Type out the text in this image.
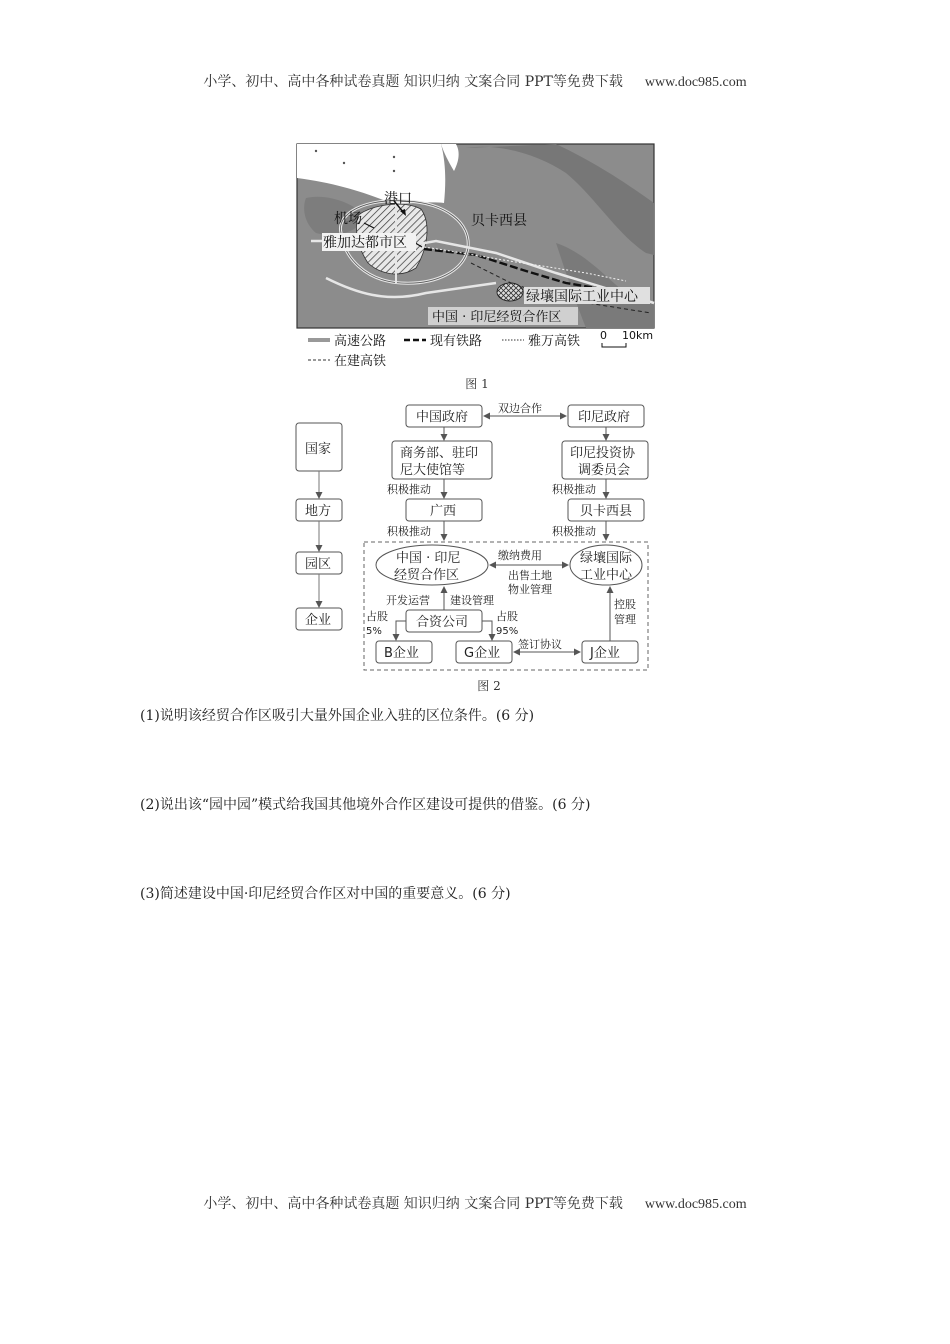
小学、初中、高中各种试卷真题 知识归纳 文案合同 PPT等免费下载 www.doc985.com
港口
机场
雅加达都市区
贝卡西县
绿壤国际工业中心
中国 · 印尼经贸合作区
高速公路	现有铁路	雅万高铁 0 10km
在建高铁
图 1
国家
地方
园区
企业
中国政府	印尼政府
双边合作
商务部、驻印
尼大使馆等
印尼投资协
调委员会
积极推动	积极推动
广西	贝卡西县
积极推动	积极推动
中国 · 印尼
经贸合作区
绿壤国际
工业中心
缴纳费用
出售土地
物业管理
开发运营 建设管理
合资公司
占股
5%
占股
95%
B企业	G企业	J企业
签订协议
控股
管理
图 2
(1)说明该经贸合作区吸引大量外国企业入驻的区位条件。(6 分)
(2)说出该“园中园”模式给我国其他境外合作区建设可提供的借鉴。(6 分)
(3)简述建设中国·印尼经贸合作区对中国的重要意义。(6 分)
小学、初中、高中各种试卷真题 知识归纳 文案合同 PPT等免费下载 www.doc985.com
